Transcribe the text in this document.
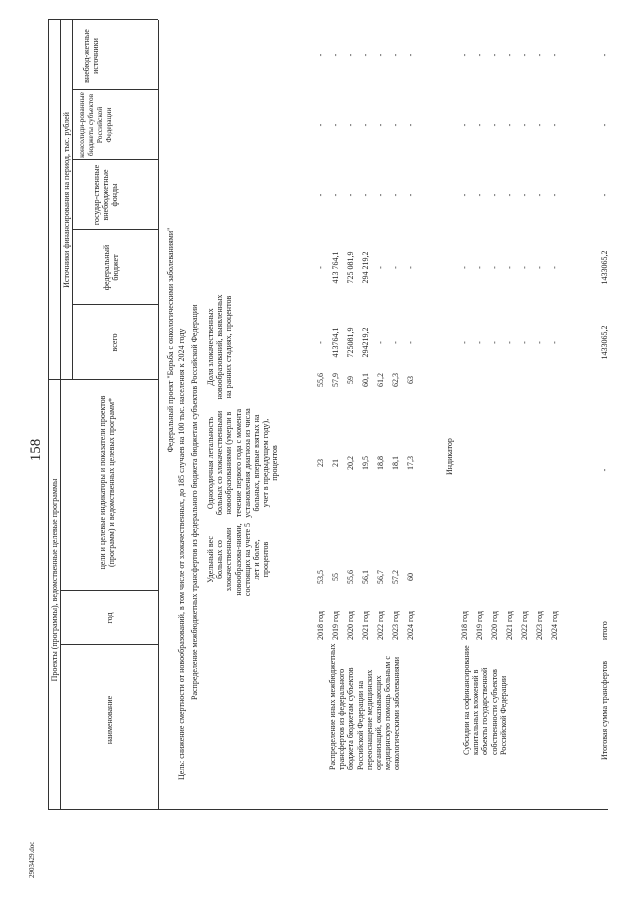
158
2903429.doc
Проекты (программы), ведомственные целевые программы
Источники финансирования на период, тыс. рублей
наименование
год
цели и целевые индикаторы и показатели проектов (программ) и ведомственных целевых программ*
всего
федеральный бюджет
государ-ственные внебюджетные фонды
консолиди-рованные бюджеты субъектов Российской Федерации
внебюд-жетные источники
Федеральный проект "Борьба с онкологическими заболеваниями" Цель: снижение смертности от новообразований, в том числе от злокачественных, до 185 случаев на 100 тыс. населения к 2024 году Распределение межбюджетных трансфертов из федерального бюджета бюджетам субъектов Российской Федерации Удельный вес больных со злокачественными новообразова-ниями, состоящих на учете 5 лет и более, процентов
Одногодичная летальность больных со злокачественными новообразованиями (умерли в течение первого года с момента установления диагноза из числа больных, впервые взятых на учет в предыдущем году), процентов
Доля злокачественных новообразований, выявленных на ранних стадиях, процентов
Распределение иных межбюджетных трансфертов из федерального бюджета бюджетам субъектов Российской Федерации на переоснащение медицинских организаций, оказывающих медицинскую помощь больным с онкологическими заболеваниями
2018 год
53,5
23
55,6
-
-
-
-
-
2019 год
55
21
57,9
413764,1
413 764,1
-
-
-
2020 год
55,6
20,2
59
725081,9
725 081,9
-
-
-
2021 год
56,1
19,5
60,1
294219,2
294 219,2
-
-
-
2022 год
56,7
18,8
61,2
-
-
-
-
-
2023 год
57,2
18,1
62,3
-
-
-
-
-
2024 год
60
17,3
63
-
-
-
-
-
Субсидии на софинансирование капитальных вложений в объекты государственной собственности субъектов Российской Федерации
Индикатор
2018 год
-
-
-
-
-
2019 год
-
-
-
-
-
2020 год
-
-
-
-
-
2021 год
-
-
-
-
-
2022 год
-
-
-
-
-
2023 год
-
-
-
-
-
2024 год
-
-
-
-
-
Итоговая сумма трансфертов
итого
-
1433065,2
1433065,2
-
-
-
